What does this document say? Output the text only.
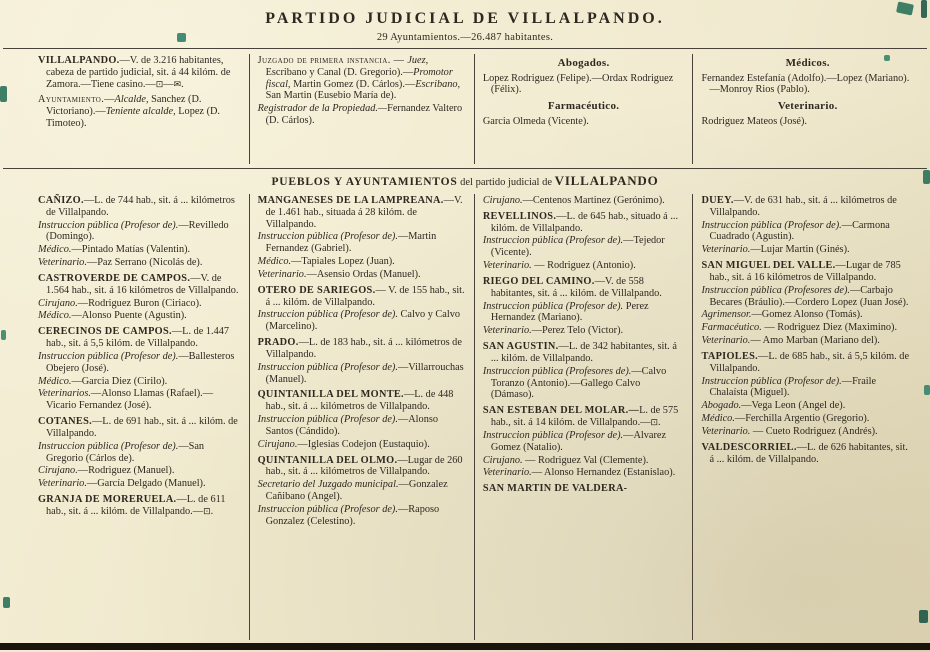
PARTIDO JUDICIAL DE VILLALPANDO.
29 Ayuntamientos.—26.487 habitantes.

VILLALPANDO.—V. de 3.216 habitantes, cabeza de partido judicial, sit. á 44 kilóm. de Zamora.—Tiene casino.—⊡—✉.

Ayuntamiento.—Alcalde, Sanchez (D. Victoriano).—Teniente alcalde, Lopez (D. Timoteo).

Juzgado de primera instancia. — Juez, Escribano y Canal (D. Gregorio).—Promotor fiscal, Martin Gomez (D. Cárlos).—Escribano, San Martin (Eusebio María de).

Registrador de la Propiedad.—Fernandez Valtero (D. Cárlos).

Abogados.

Lopez Rodriguez (Felipe).—Ordax Rodriguez (Félix).

Farmacéutico.

Garcia Olmeda (Vicente).

Médicos.

Fernandez Estefanía (Adolfo).—Lopez (Mariano).—Monroy Rios (Pablo).

Veterinario.

Rodriguez Mateos (José).

PUEBLOS Y AYUNTAMIENTOS del partido judicial de VILLALPANDO

CAÑIZO.—L. de 744 hab., sit. á ... kilómetros de Villalpando.

Instruccion pública (Profesor de).—Revilledo (Domingo).

Médico.—Pintado Matías (Valentin).

Veterinario.—Paz Serrano (Nicolás de).

CASTROVERDE DE CAMPOS.—V. de 1.564 hab., sit. á 16 kilómetros de Villalpando.

Cirujano.—Rodriguez Buron (Ciriaco).

Médico.—Alonso Puente (Agustin).

CERECINOS DE CAMPOS.—L. de 1.447 hab., sit. á 5,5 kilóm. de Villalpando.

Instruccion pública (Profesor de).—Ballesteros Obejero (José).

Médico.—Garcia Diez (Cirilo).

Veterinarios.—Alonso Llamas (Rafael).—Vicario Fernandez (José).

COTANES.—L. de 691 hab., sit. á ... kilóm. de Villalpando.

Instruccion pública (Profesor de).—San Gregorio (Cárlos de).

Cirujano.—Rodriguez (Manuel).

Veterinario.—García Delgado (Manuel).

GRANJA DE MORERUELA.—L. de 611 hab., sit. á ... kilóm. de Villalpando.—⊡.

MANGANESES DE LA LAMPREANA.—V. de 1.461 hab., situada á 28 kilóm. de Villalpando.

Instruccion pública (Profesor de).—Martin Fernandez (Gabriel).

Médico.—Tapiales Lopez (Juan).

Veterinario.—Asensio Ordas (Manuel).

OTERO DE SARIEGOS.— V. de 155 hab., sit. á ... kilóm. de Villalpando.

Instruccion pública (Profesor de). Calvo y Calvo (Marcelino).

PRADO.—L. de 183 hab., sit. á ... kilómetros de Villalpando.

Instruccion pública (Profesor de).—Villarrouchas (Manuel).

QUINTANILLA DEL MONTE.—L. de 448 hab., sit. á ... kilómetros de Villalpando.

Instruccion pública (Profesor de).—Alonso Santos (Cándido).

Cirujano.—Iglesias Codejon (Eustaquio).

QUINTANILLA DEL OLMO.—Lugar de 260 hab., sit. á ... kilómetros de Villalpando.

Secretario del Juzgado municipal.—Gonzalez Cañibano (Angel).

Instruccion pública (Profesor de).—Raposo Gonzalez (Celestino).

Cirujano.—Centenos Martinez (Gerónimo).

REVELLINOS.—L. de 645 hab., situado á ... kilóm. de Villalpando.

Instruccion pública (Profesor de).—Tejedor (Vicente).

Veterinario. — Rodriguez (Antonio).

RIEGO DEL CAMINO.—V. de 558 habitantes, sit. á ... kilóm. de Villalpando.

Instruccion pública (Profesor de). Perez Hernandez (Mariano).

Veterinario.—Perez Telo (Victor).

SAN AGUSTIN.—L. de 342 habitantes, sit. á ... kilóm. de Villalpando.

Instruccion pública (Profesores de).—Calvo Toranzo (Antonio).—Gallego Calvo (Dámaso).

SAN ESTEBAN DEL MOLAR.—L. de 575 hab., sit. á 14 kilóm. de Villalpando.—⊡.

Instruccion pública (Profesor de).—Alvarez Gomez (Natalio).

Cirujano. — Rodriguez Val (Clemente).

Veterinario.— Alonso Hernandez (Estanislao).

SAN MARTIN DE VALDERA-

DUEY.—V. de 631 hab., sit. á ... kilómetros de Villalpando.

Instruccion pública (Profesor de).—Carmona Cuadrado (Agustin).

Veterinario.—Lujar Martin (Ginés).

SAN MIGUEL DEL VALLE.—Lugar de 785 hab., sit. á 16 kilómetros de Villalpando.

Instruccion pública (Profesores de).—Carbajo Becares (Bráulio).—Cordero Lopez (Juan José).

Agrimensor.—Gomez Alonso (Tomás).

Farmacéutico. — Rodriguez Diez (Maximino).

Veterinario.— Amo Marban (Mariano del).

TAPIOLES.—L. de 685 hab., sit. á 5,5 kilóm. de Villalpando.

Instruccion pública (Profesor de).—Fraile Chalaísta (Miguel).

Abogado.—Vega Leon (Angel de).

Médico.—Ferchilla Argentio (Gregorio).

Veterinario. — Cueto Rodriguez (Andrés).

VALDESCORRIEL.—L. de 626 habitantes, sit. á ... kilóm. de Villalpando.
